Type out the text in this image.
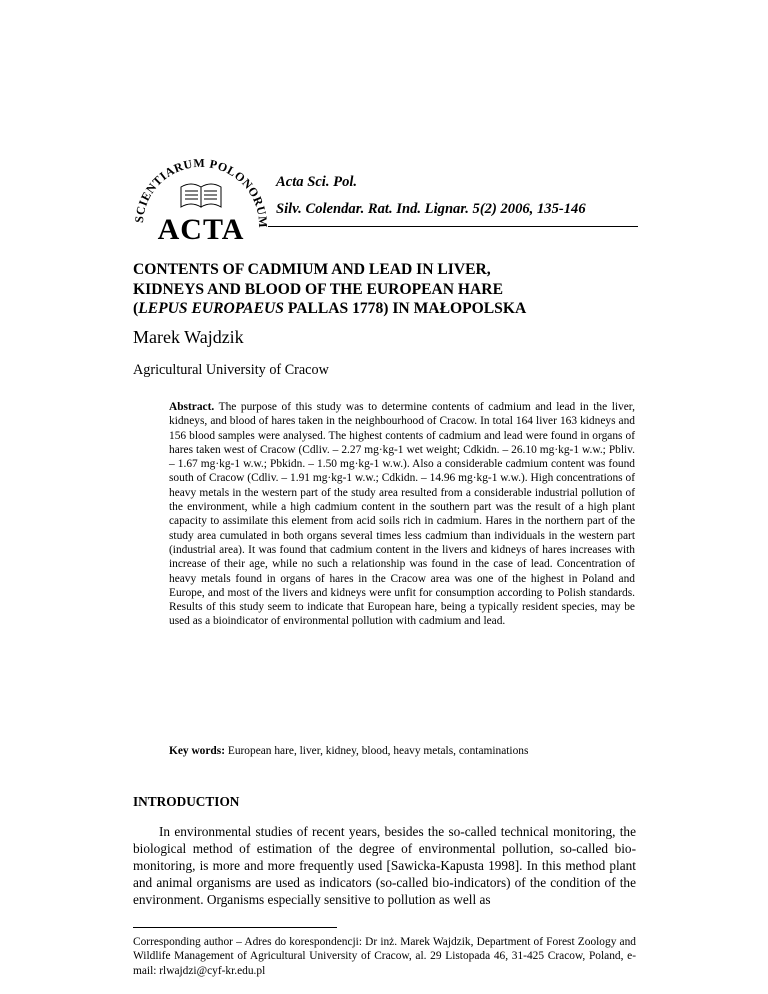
SCIENTIARUM POLONORUM
ACTA
Acta Sci. Pol.
Silv. Colendar. Rat. Ind. Lignar. 5(2) 2006, 135-146
CONTENTS OF CADMIUM AND LEAD IN LIVER,
KIDNEYS AND BLOOD OF THE EUROPEAN HARE
(LEPUS EUROPAEUS PALLAS 1778) IN MAŁOPOLSKA
Marek Wajdzik
Agricultural University of Cracow
Abstract. The purpose of this study was to determine contents of cadmium and lead in the liver, kidneys, and blood of hares taken in the neighbourhood of Cracow. In total 164 liver 163 kidneys and 156 blood samples were analysed. The highest contents of cadmium and lead were found in organs of hares taken west of Cracow (Cdliv. – 2.27 mg·kg-1 wet weight; Cdkidn. – 26.10 mg·kg-1 w.w.; Pbliv. – 1.67 mg·kg-1 w.w.; Pbkidn. – 1.50 mg·kg-1 w.w.). Also a considerable cadmium content was found south of Cracow (Cdliv. – 1.91 mg·kg-1 w.w.; Cdkidn. – 14.96 mg·kg-1 w.w.). High concentrations of heavy metals in the western part of the study area resulted from a considerable industrial pollution of the environment, while a high cadmium content in the southern part was the result of a high plant capacity to assimilate this element from acid soils rich in cadmium. Hares in the northern part of the study area cumulated in both organs several times less cadmium than individuals in the western part (industrial area). It was found that cadmium content in the livers and kidneys of hares increases with increase of their age, while no such a relationship was found in the case of lead. Concentration of heavy metals found in organs of hares in the Cracow area was one of the highest in Poland and Europe, and most of the livers and kidneys were unfit for consumption according to Polish standards. Results of this study seem to indicate that European hare, being a typically resident species, may be used as a bioindicator of environmental pollution with cadmium and lead.
Key words: European hare, liver, kidney, blood, heavy metals, contaminations
INTRODUCTION
In environmental studies of recent years, besides the so-called technical monitoring, the biological method of estimation of the degree of environmental pollution, so-called bio-monitoring, is more and more frequently used [Sawicka-Kapusta 1998]. In this method plant and animal organisms are used as indicators (so-called bio-indicators) of the condition of the environment. Organisms especially sensitive to pollution as well as
Corresponding author – Adres do korespondencji: Dr inż. Marek Wajdzik, Department of Forest Zoology and Wildlife Management of Agricultural University of Cracow, al. 29 Listopada 46, 31-425 Cracow, Poland, e-mail: rlwajdzi@cyf-kr.edu.pl
